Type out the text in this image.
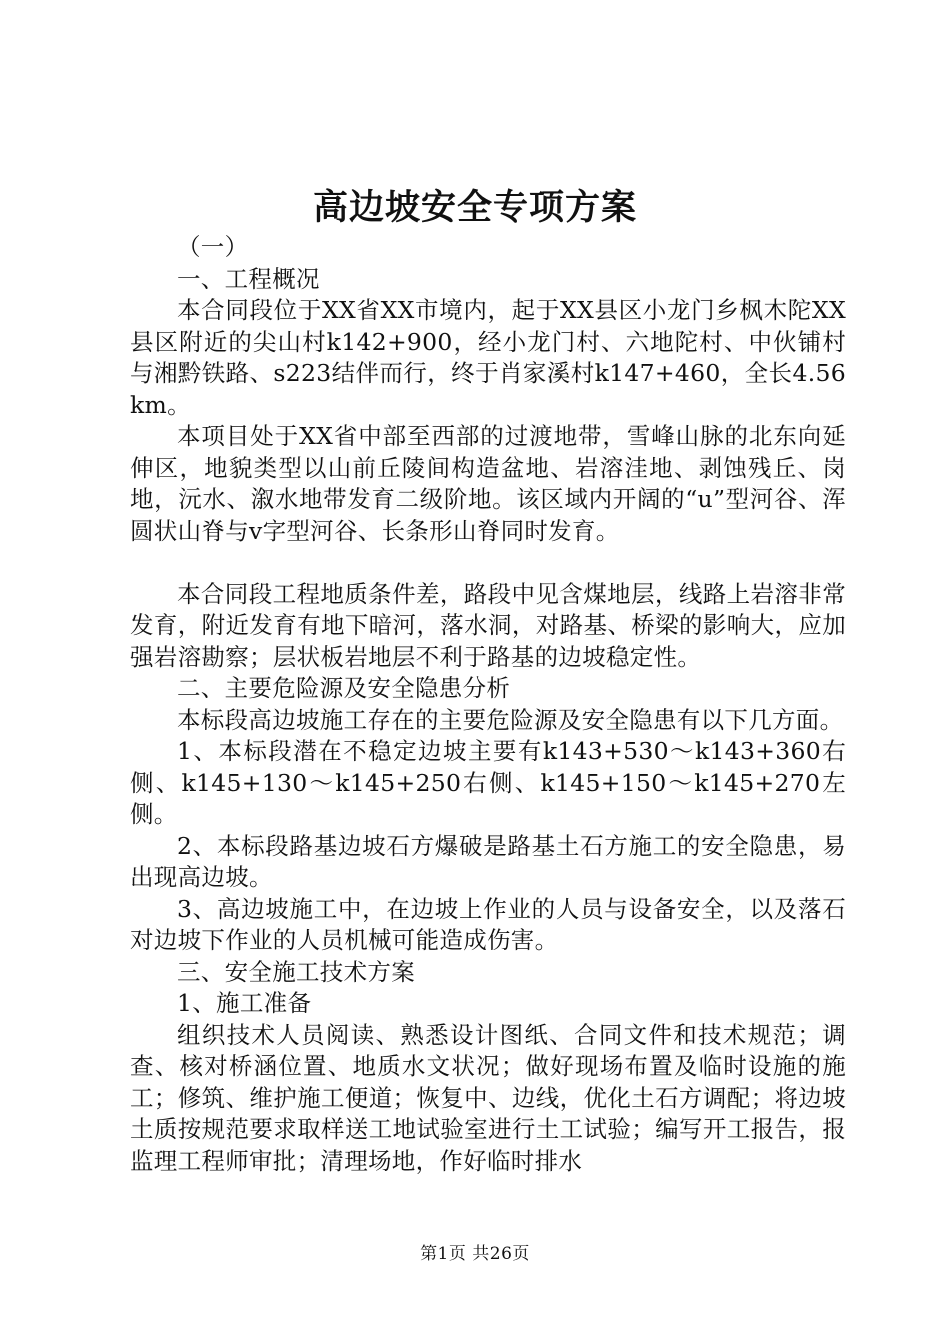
高边坡安全专项方案

（一）

一、工程概况

本合同段位于XX省XX市境内，起于XX县区小龙门乡枫木陀XX县区附近的尖山村k142+900，经小龙门村、六地陀村、中伙铺村与湘黔铁路、s223结伴而行，终于肖家溪村k147+460，全长4.56km。

本项目处于XX省中部至西部的过渡地带，雪峰山脉的北东向延伸区，地貌类型以山前丘陵间构造盆地、岩溶洼地、剥蚀残丘、岗地，沅水、溆水地带发育二级阶地。该区域内开阔的“u”型河谷、浑圆状山脊与v字型河谷、长条形山脊同时发育。

本合同段工程地质条件差，路段中见含煤地层，线路上岩溶非常发育，附近发育有地下暗河，落水洞，对路基、桥梁的影响大，应加强岩溶勘察；层状板岩地层不利于路基的边坡稳定性。

二、主要危险源及安全隐患分析

本标段高边坡施工存在的主要危险源及安全隐患有以下几方面。

1、本标段潜在不稳定边坡主要有k143+530～k143+360右侧、k145+130～k145+250右侧、k145+150～k145+270左侧。

2、本标段路基边坡石方爆破是路基土石方施工的安全隐患，易出现高边坡。

3、高边坡施工中，在边坡上作业的人员与设备安全，以及落石对边坡下作业的人员机械可能造成伤害。

三、安全施工技术方案

1、施工准备

组织技术人员阅读、熟悉设计图纸、合同文件和技术规范；调查、核对桥涵位置、地质水文状况；做好现场布置及临时设施的施工；修筑、维护施工便道；恢复中、边线，优化土石方调配；将边坡土质按规范要求取样送工地试验室进行土工试验；编写开工报告，报监理工程师审批；清理场地，作好临时排水

第1页 共26页
